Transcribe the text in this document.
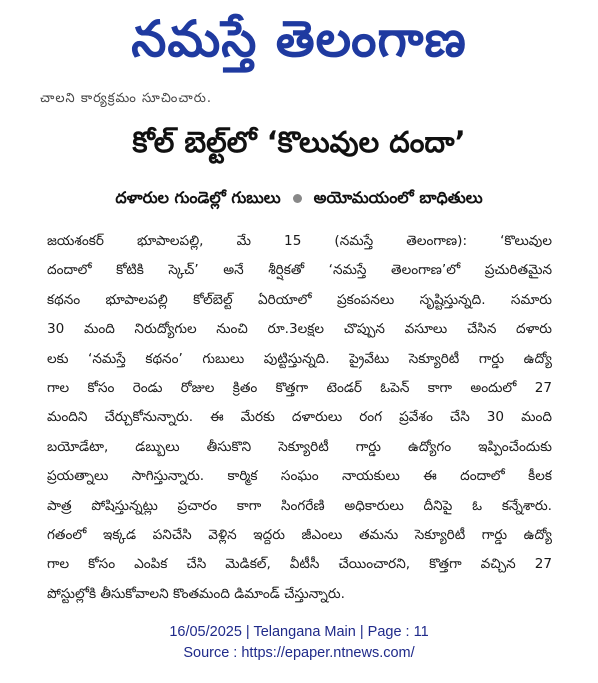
నమస్తే తెలంగాణ
చాలని కార్యక్రమం సూచించారు.
కోల్ బెల్ట్‌లో ‘కొలువుల దందా’
దళారుల గుండెల్లో గుబులు అయోమయంలో బాధితులు
జయశంకర్ భూపాలపల్లి, మే 15 (నమస్తే తెలంగాణ): ‘కొలువుల
దందాలో కోటికి స్కెచ్’ అనే శీర్షికతో ‘నమస్తే తెలంగాణ’లో ప్రచురితమైన
కథనం భూపాలపల్లి కోల్‌బెల్ట్ ఏరియాలో ప్రకంపనలు సృష్టిస్తున్నది. సమారు
30 మంది నిరుద్యోగుల నుంచి రూ.3లక్షల చొప్పున వసూలు చేసిన దళారు
లకు ‘నమస్తే కథనం’ గుబులు పుట్టిస్తున్నది. ప్రైవేటు సెక్యూరిటీ గార్డు ఉద్యో
గాల కోసం రెండు రోజుల క్రితం కొత్తగా టెండర్ ఓపెన్ కాగా అందులో 27
మందిని చేర్చుకోనున్నారు. ఈ మేరకు దళారులు రంగ ప్రవేశం చేసి 30 మంది
బయోడేటా, డబ్బులు తీసుకొని సెక్యూరిటీ గార్డు ఉద్యోగం ఇప్పించేందుకు
ప్రయత్నాలు సాగిస్తున్నారు. కార్మిక సంఘం నాయకులు ఈ దందాలో కీలక
పాత్ర పోషిస్తున్నట్లు ప్రచారం కాగా సింగరేణి అధికారులు దీనిపై ఓ కన్నేశారు.
గతంలో ఇక్కడ పనిచేసి వెళ్లిన ఇద్దరు జీఎంలు తమను సెక్యూరిటీ గార్డు ఉద్యో
గాల కోసం ఎంపిక చేసి మెడికల్, వీటీసీ చేయించారని, కొత్తగా వచ్చిన 27
పోస్టుల్లోకి తీసుకోవాలని కొంతమంది డిమాండ్ చేస్తున్నారు.
16/05/2025 | Telangana Main | Page : 11
Source : https://epaper.ntnews.com/
